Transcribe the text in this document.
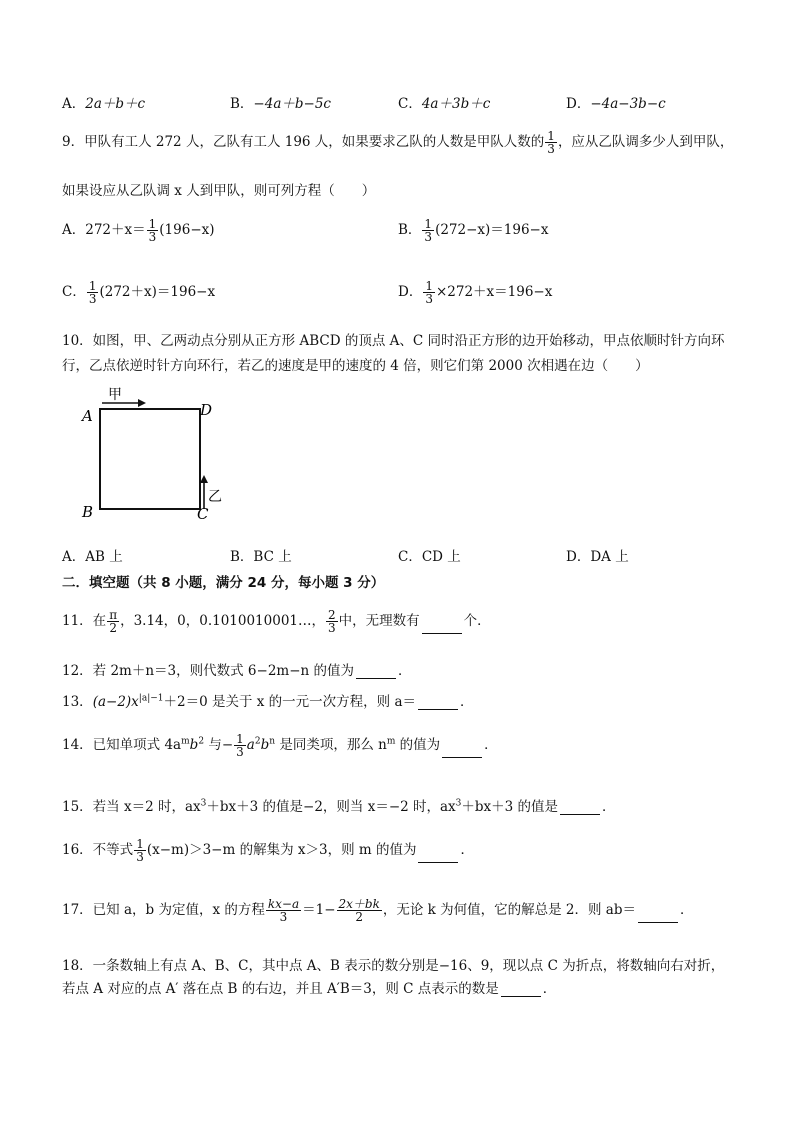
A．2a＋b＋c	B．−4a＋b−5c	C．4a＋3b＋c	D．−4a−3b−c
9．甲队有工人 272 人，乙队有工人 196 人，如果要求乙队的人数是甲队人数的 $\frac{1}{3}$ ，应从乙队调多少人到甲队，
如果设应从乙队调 x 人到甲队，则可列方程（　　）
A．$272+x= \frac{1}{3} (196-x)$	B． $\frac{1}{3} (272-x)=196-x$
C． $\frac{1}{3} (272+x)=196-x$	D． $\frac{1}{3} \times 272+x=196-x$
10．如图，甲、乙两动点分别从正方形 ABCD 的顶点 A、C 同时沿正方形的边开始移动，甲点依顺时针方向环
行，乙点依逆时针方向环行，若乙的速度是甲的速度的 4 倍，则它们第 2000 次相遇在边（　　）
A
B	C
D
甲
乙
A．AB 上	B．BC 上	C．CD 上	D．DA 上
二．填空题（共 8 小题，满分 24 分，每小题 3 分）
11．在 $\frac{\pi}{2}$ ，3.14，0，0.1010010001…， $\frac{2}{3}$ 中，无理数有	个．
12．若 2m＋n＝3，则代数式 6−2m−n 的值为	．
13．$(a-2)x^{|a|-1}+2=0$ 是关于 x 的一元一次方程，则 a＝	．
14．已知单项式 $4a^mb^2$ 与− $\frac{1}{3} a^2b^n$ 是同类项，那么 $n^m$ 的值为	．
15．若当 x＝2 时，$ax^3+bx+3$ 的值是−2，则当 x＝−2 时，$ax^3+bx+3$ 的值是	．
16．不等式 $\frac{1}{3} (x-m)>3-m$ 的解集为 x＞3，则 m 的值为	．
17．已知 a，b 为定值，x 的方程 $\frac{kx-a}{3} =1- \frac{2x+bk}{2}$ ，无论 k 为何值，它的解总是 2．则 ab＝	．
18．一条数轴上有点 A、B、C，其中点 A、B 表示的数分别是−16、9，现以点 C 为折点，将数轴向右对折，
若点 A 对应的点 A′ 落在点 B 的右边，并且 A′B＝3，则 C 点表示的数是	．
